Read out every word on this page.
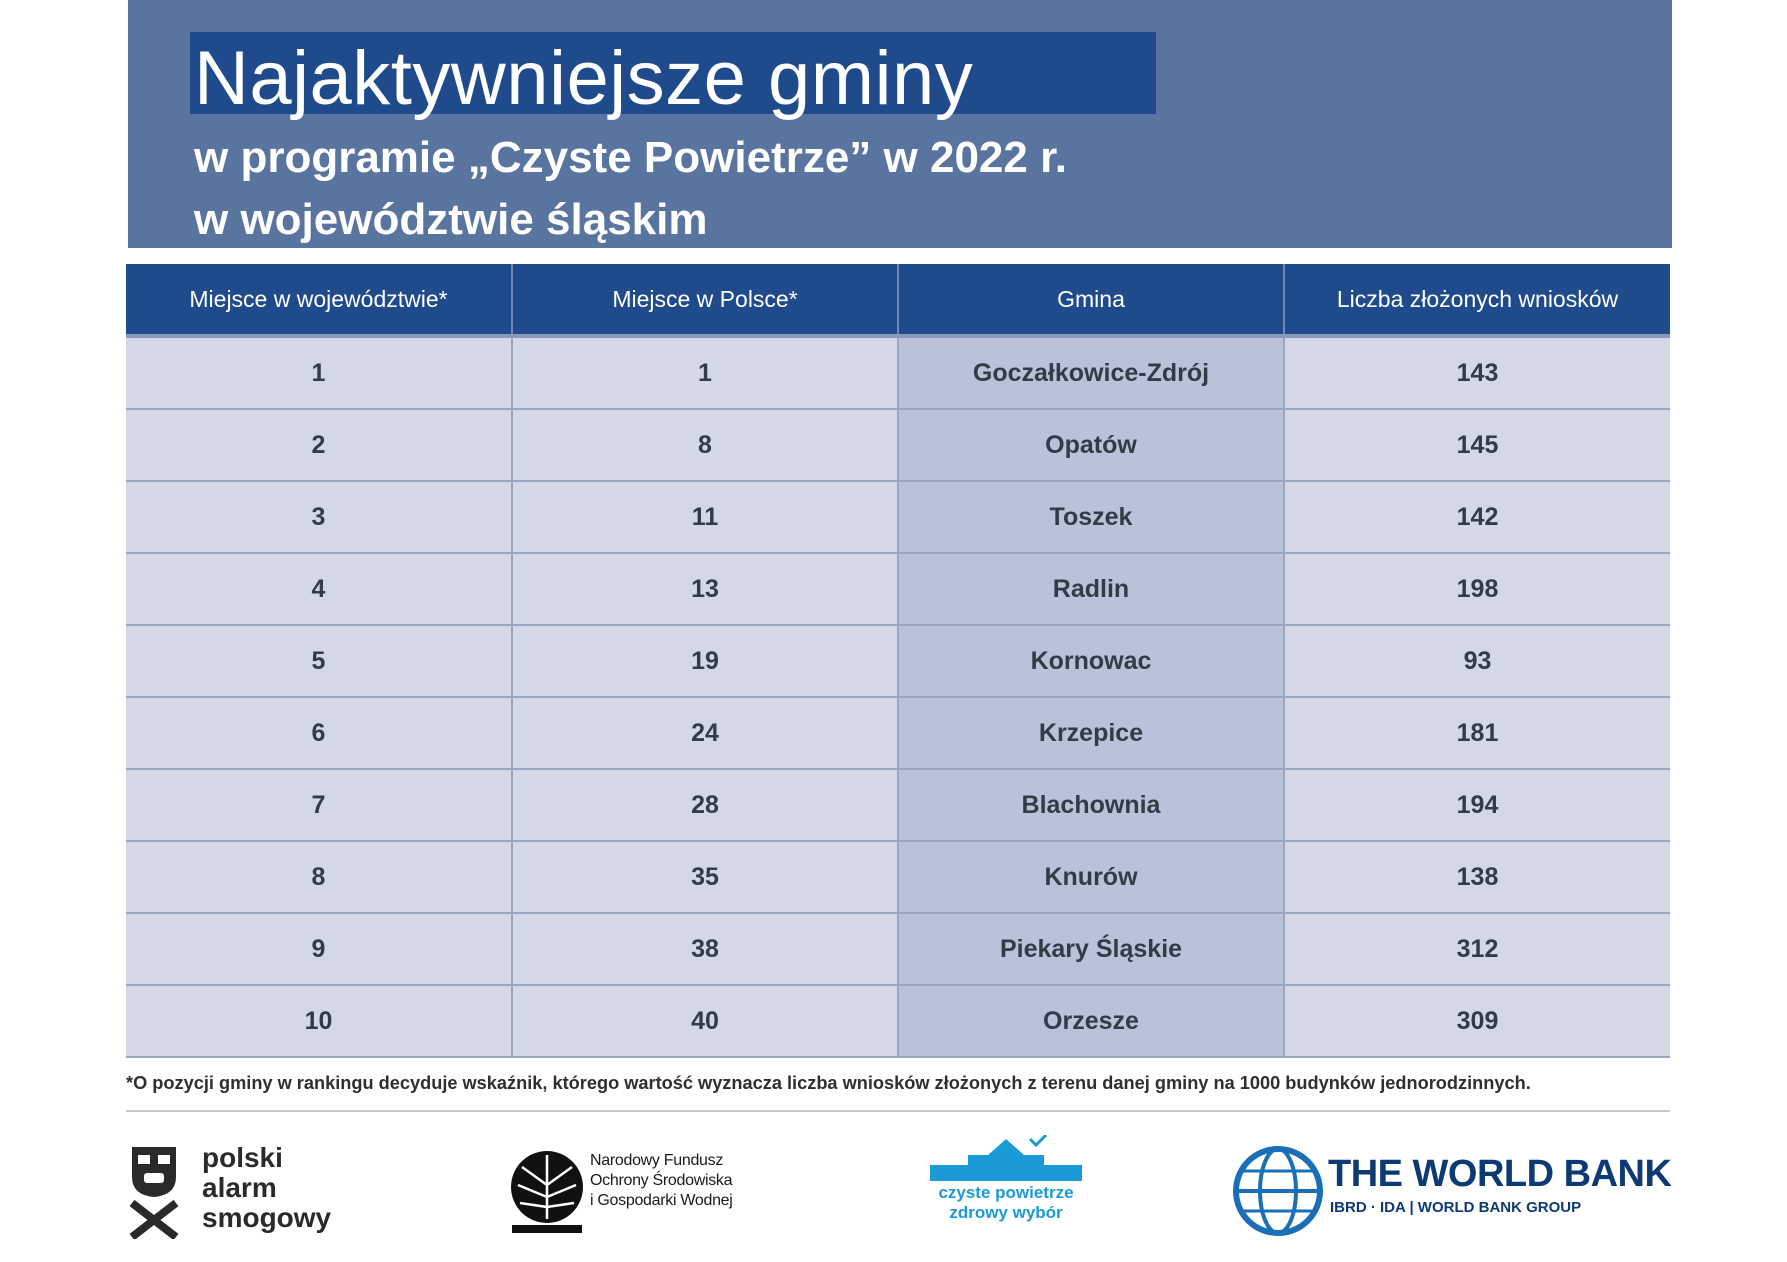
Najaktywniejsze gminy
w programie „Czyste Powietrze” w 2022 r.
w województwie śląskim
Miejsce w województwie*	Miejsce w Polsce*	Gmina	Liczba złożonych wniosków
1	1	Goczałkowice-Zdrój	143
2	8	Opatów	145
3	11	Toszek	142
4	13	Radlin	198
5	19	Kornowac	93
6	24	Krzepice	181
7	28	Blachownia	194
8	35	Knurów	138
9	38	Piekary Śląskie	312
10	40	Orzesze	309
*O pozycji gminy w rankingu decyduje wskaźnik, którego wartość wyznacza liczba wniosków złożonych z terenu danej gminy na 1000 budynków jednorodzinnych.
polski
alarm
smogowy
Narodowy Fundusz
Ochrony Środowiska
i Gospodarki Wodnej	czyste powietrze
zdrowy wybór
THE WORLD BANK
IBRD · IDA | WORLD BANK GROUP
